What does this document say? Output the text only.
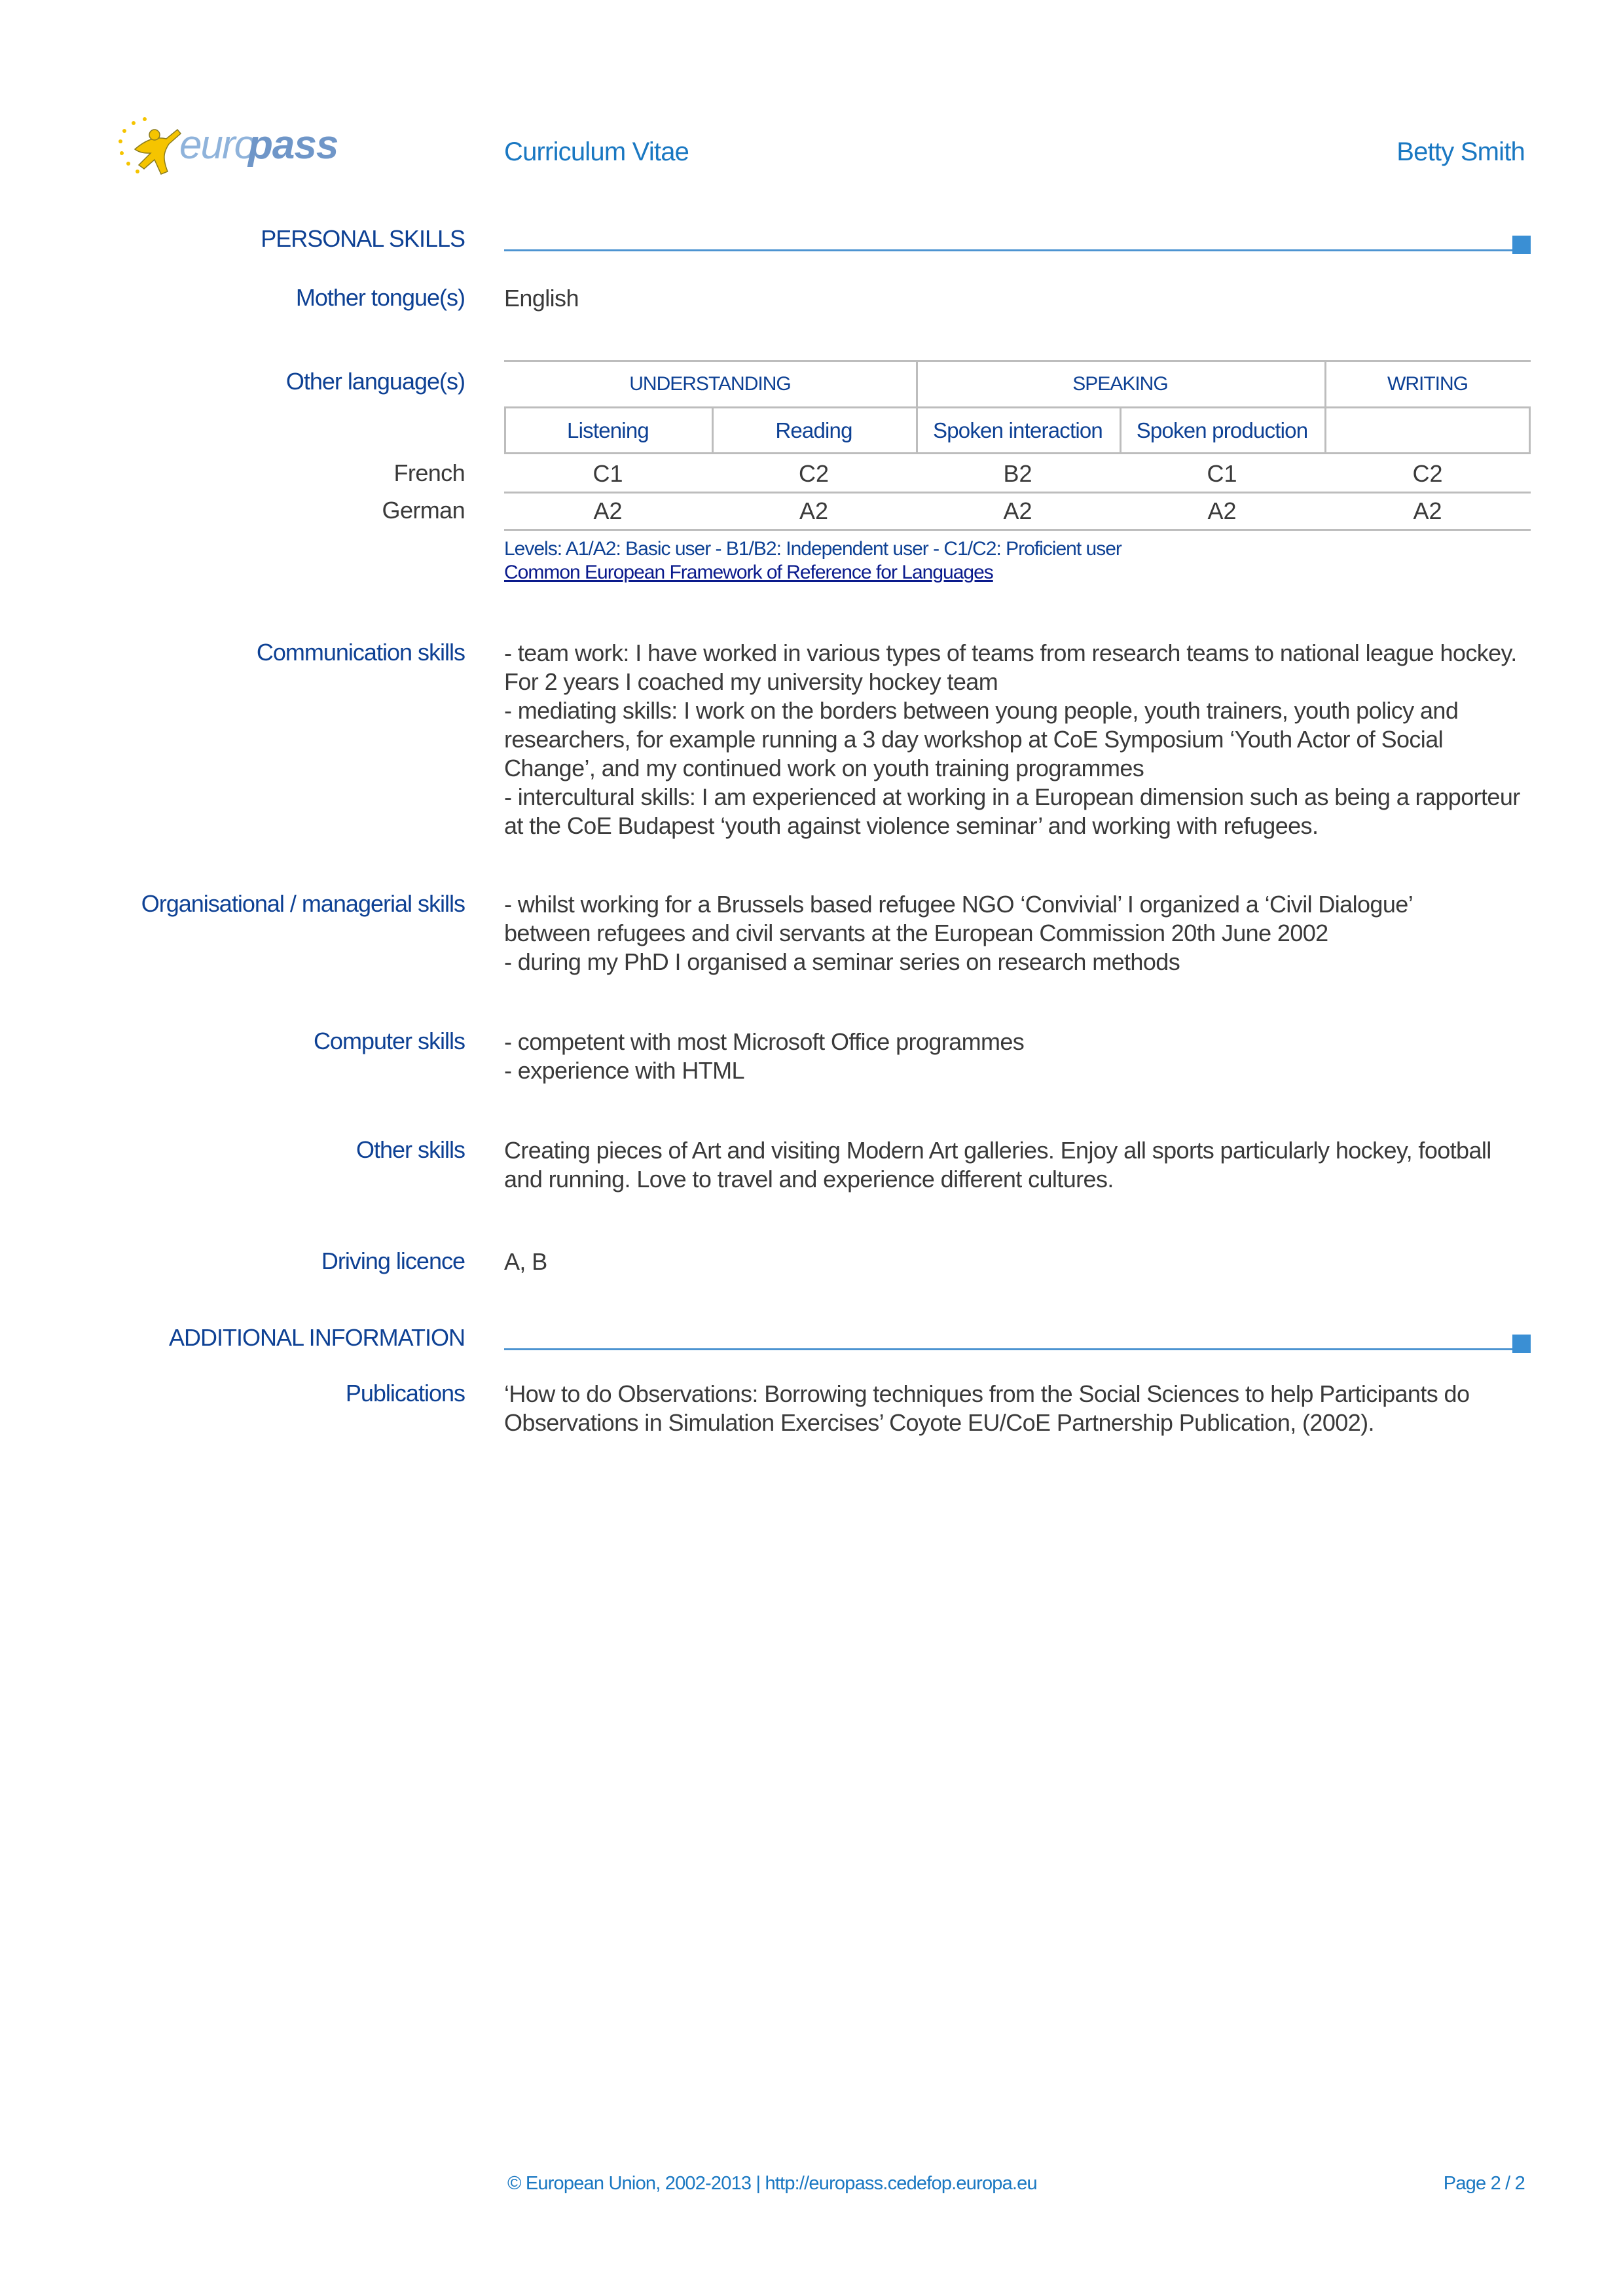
euro
pass	Curriculum Vitae	Betty Smith
PERSONAL SKILLS
Mother tongue(s) English
Other language(s)	UNDERSTANDING	SPEAKING	WRITING
Listening	Reading	Spoken interaction	Spoken production
French	C1	C2	B2	C1	C2
German	A2	A2	A2	A2	A2
Levels: A1/A2: Basic user - B1/B2: Independent user - C1/C2: Proficient user
Common European Framework of Reference for Languages
Communication skills - team work: I have worked in various types of teams from research teams to national league hockey.
For 2 years I coached my university hockey team
- mediating skills: I work on the borders between young people, youth trainers, youth policy and
researchers, for example running a 3 day workshop at CoE Symposium ‘Youth Actor of Social
Change’, and my continued work on youth training programmes
- intercultural skills: I am experienced at working in a European dimension such as being a rapporteur
at the CoE Budapest ‘youth against violence seminar’ and working with refugees.
Organisational / managerial skills - whilst working for a Brussels based refugee NGO ‘Convivial’ I organized a ‘Civil Dialogue’
between refugees and civil servants at the European Commission 20th June 2002
- during my PhD I organised a seminar series on research methods
Computer skills - competent with most Microsoft Office programmes
- experience with HTML
Other skills Creating pieces of Art and visiting Modern Art galleries. Enjoy all sports particularly hockey, football
and running. Love to travel and experience different cultures.
Driving licence A, B
ADDITIONAL INFORMATION
Publications ‘How to do Observations: Borrowing techniques from the Social Sciences to help Participants do
Observations in Simulation Exercises’ Coyote EU/CoE Partnership Publication, (2002).
© European Union, 2002-2013 | http://europass.cedefop.europa.eu	Page 2 / 2
